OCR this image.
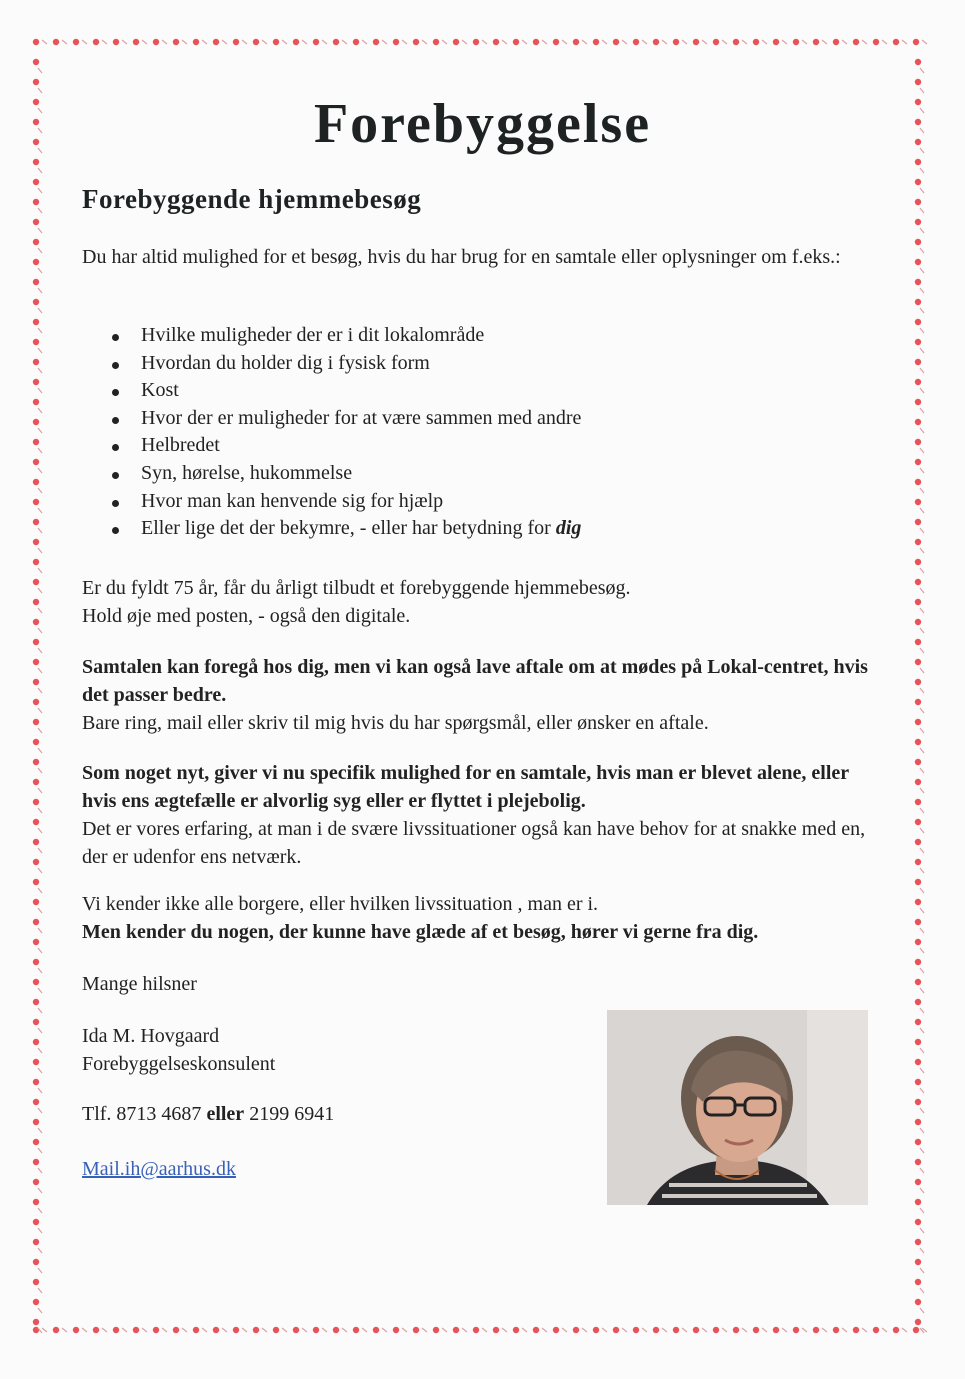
Forebyggelse
Forebyggende hjemmebesøg

Du har altid mulighed for et besøg, hvis du har brug for en samtale eller oplysninger om f.eks.:

Hvilke muligheder der er i dit lokalområde
Hvordan du holder dig i fysisk form
Kost
Hvor der er muligheder for at være sammen med andre
Helbredet
Syn, hørelse, hukommelse
Hvor man kan henvende sig for hjælp
Eller lige det der bekymre, - eller har betydning for dig

Er du fyldt 75 år, får du årligt tilbudt et forebyggende hjemmebesøg.

Hold øje med posten, - også den digitale.

Samtalen kan foregå hos dig, men vi kan også lave aftale om at mødes på Lokal-centret, hvis det passer bedre.

Bare ring, mail eller skriv til mig hvis du har spørgsmål, eller ønsker en aftale.

Som noget nyt, giver vi nu specifik mulighed for en samtale, hvis man er blevet alene, eller hvis ens ægtefælle er alvorlig syg eller er flyttet i plejebolig.

Det er vores erfaring, at man i de svære livssituationer også kan have behov for at snakke med en, der er udenfor ens netværk.

Vi kender ikke alle borgere, eller hvilken livssituation , man er i.

Men kender du nogen, der kunne have glæde af et besøg, hører vi gerne fra dig.

Mange hilsner

Ida M. Hovgaard

Forebyggelseskonsulent

Tlf. 8713 4687 eller 2199 6941

Mail.ih@aarhus.dk
